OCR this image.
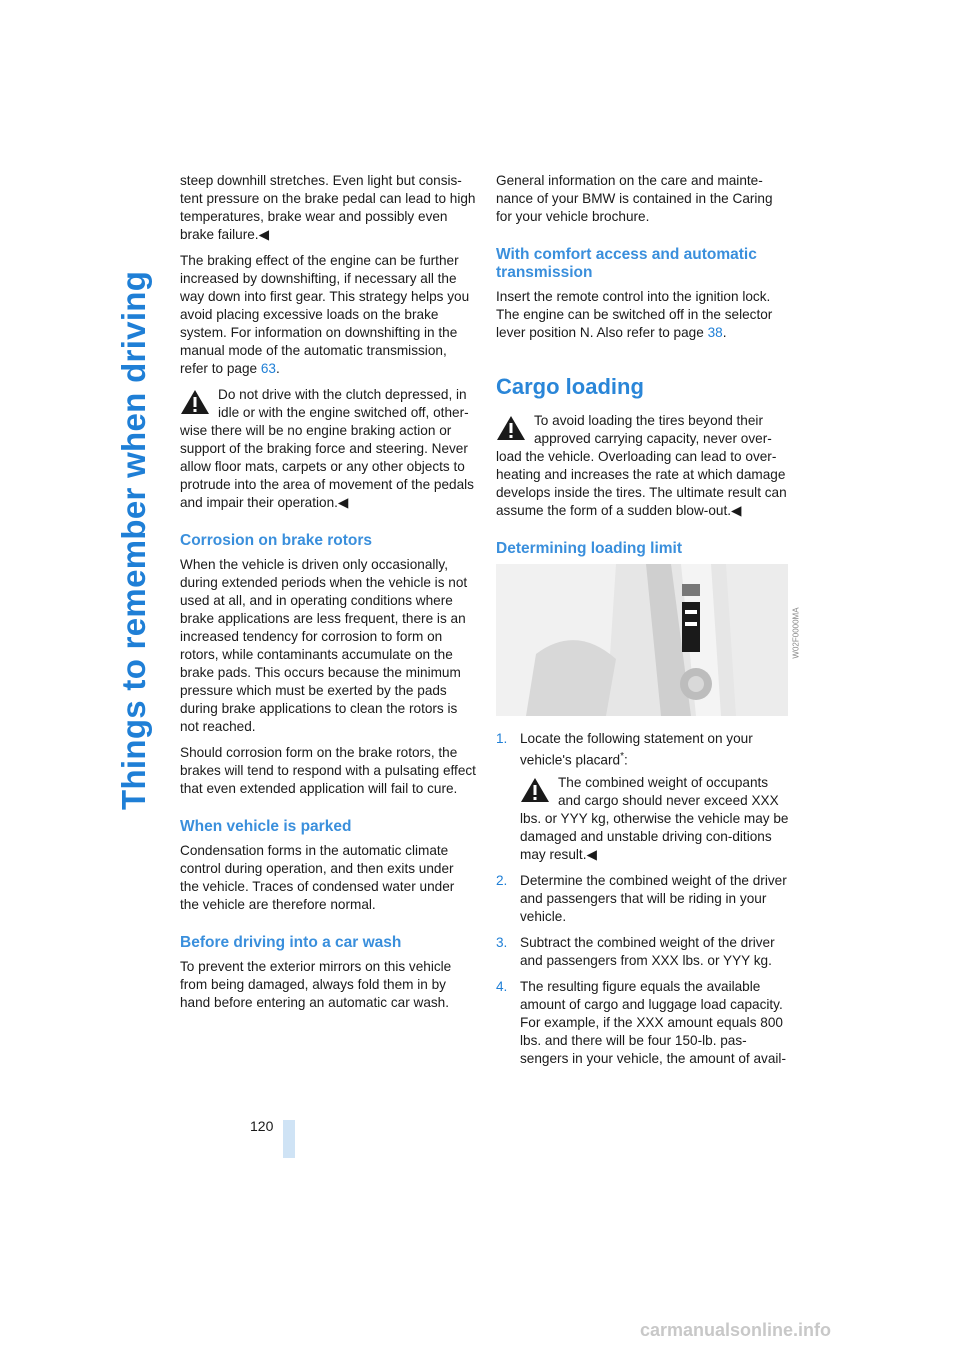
Things to remember when driving

steep downhill stretches. Even light but consis-tent pressure on the brake pedal can lead to high temperatures, brake wear and possibly even brake failure.◀

The braking effect of the engine can be further increased by downshifting, if necessary all the way down into first gear. This strategy helps you avoid placing excessive loads on the brake system. For information on downshifting in the manual mode of the automatic transmission, refer to page 63.

Do not drive with the clutch depressed, in idle or with the engine switched off, other-wise there will be no engine braking action or support of the braking force and steering. Never allow floor mats, carpets or any other objects to protrude into the area of movement of the pedals and impair their operation.◀
Corrosion on brake rotors

When the vehicle is driven only occasionally, during extended periods when the vehicle is not used at all, and in operating conditions where brake applications are less frequent, there is an increased tendency for corrosion to form on rotors, while contaminants accumulate on the brake pads. This occurs because the minimum pressure which must be exerted by the pads during brake applications to clean the rotors is not reached.

Should corrosion form on the brake rotors, the brakes will tend to respond with a pulsating effect that even extended application will fail to cure.

When vehicle is parked

Condensation forms in the automatic climate control during operation, and then exits under the vehicle. Traces of condensed water under the vehicle are therefore normal.

Before driving into a car wash

To prevent the exterior mirrors on this vehicle from being damaged, always fold them in by hand before entering an automatic car wash.

General information on the care and mainte-nance of your BMW is contained in the Caring for your vehicle brochure.

With comfort access and automatic transmission

Insert the remote control into the ignition lock. The engine can be switched off in the selector lever position N. Also refer to page 38.

Cargo loading
To avoid loading the tires beyond their approved carrying capacity, never over-load the vehicle. Overloading can lead to over-heating and increases the rate at which damage develops inside the tires. The ultimate result can assume the form of a sudden blow-out.◀
Determining loading limit
W02F0000MA
1. Locate the following statement on your vehicle's placard*:
The combined weight of occupants and cargo should never exceed XXX lbs. or YYY kg, otherwise the vehicle may be damaged and unstable driving con-ditions may result.◀
2. Determine the combined weight of the driver and passengers that will be riding in your vehicle.
3. Subtract the combined weight of the driver and passengers from XXX lbs. or YYY kg.
4. The resulting figure equals the available amount of cargo and luggage load capacity. For example, if the XXX amount equals 800 lbs. and there will be four 150-lb. pas-sengers in your vehicle, the amount of avail-
120
carmanualsonline.info
